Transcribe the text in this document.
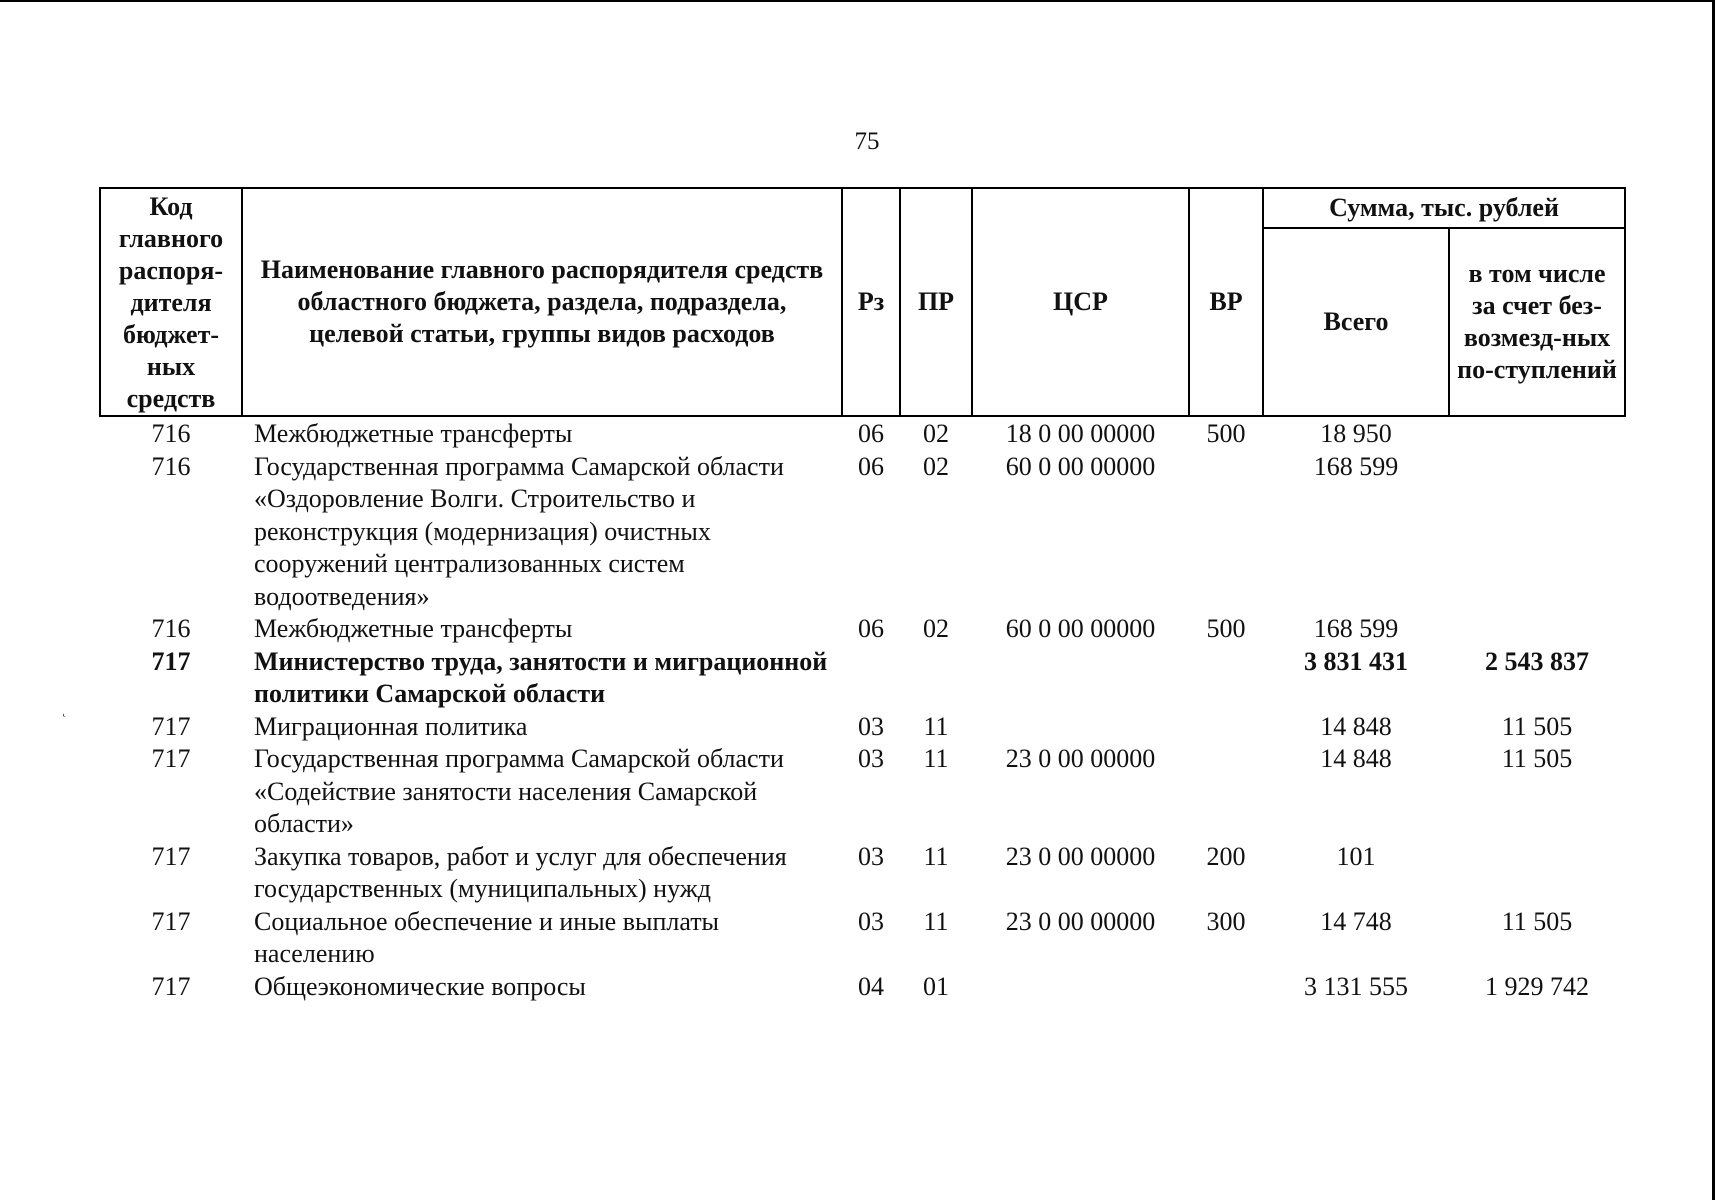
75
˛
Код главного распоря-дителя бюджет-ных средств	Наименование главного распорядителя средств областного бюджета, раздела, подраздела, целевой статьи, группы видов расходов	Рз	ПР	ЦСР	ВР	Сумма, тыс. рублей	
						Всего	в том числе за счет без-возмезд-ных по-ступлений
716	Межбюджетные трансферты	06	02	18 0 00 00000	500	18 950	
716	Государственная программа Самарской области «Оздоровление Волги. Строительство и реконструкция (модернизация) очистных сооружений централизованных систем водоотведения»	06	02	60 0 00 00000		168 599	
716	Межбюджетные трансферты	06	02	60 0 00 00000	500	168 599	
717	Министерство труда, занятости и миграционной политики Самарской области					3 831 431	2 543 837
717	Миграционная политика	03	11			14 848	11 505
717	Государственная программа Самарской области «Содействие занятости населения Самарской области»	03	11	23 0 00 00000		14 848	11 505
717	Закупка товаров, работ и услуг для обеспечения государственных (муниципальных) нужд	03	11	23 0 00 00000	200	101	
717	Социальное обеспечение и иные выплаты населению	03	11	23 0 00 00000	300	14 748	11 505
717	Общеэкономические вопросы	04	01			3 131 555	1 929 742
